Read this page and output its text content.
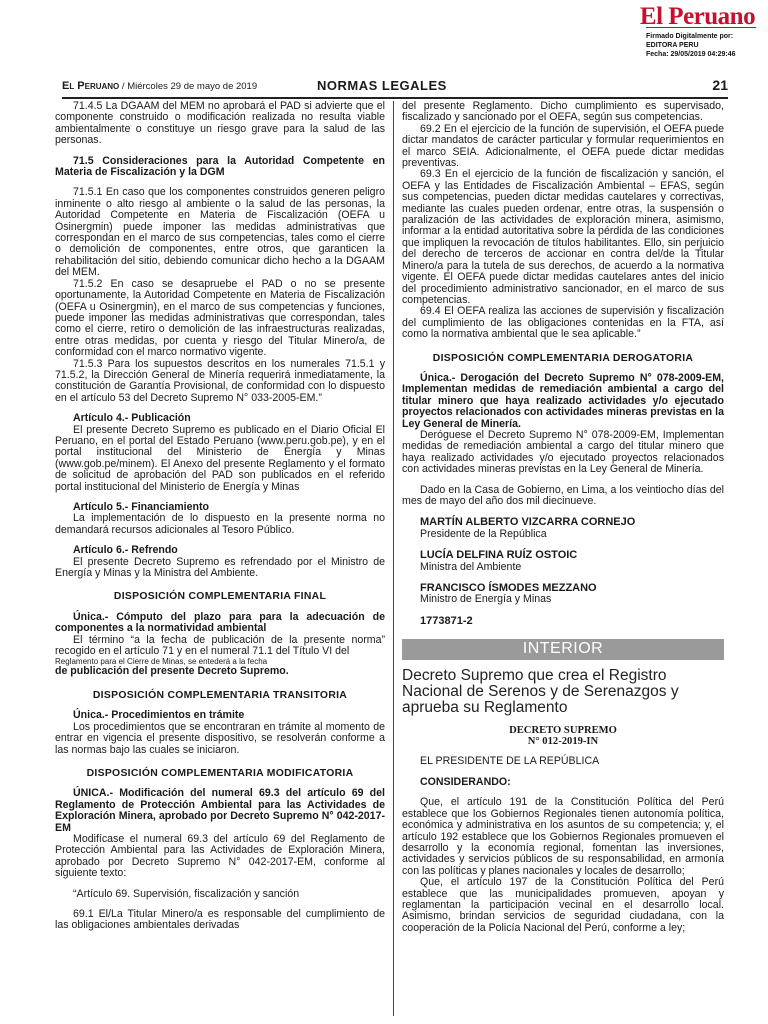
El Peruano
Firmado Digitalmente por:
EDITORA PERU
Fecha: 29/05/2019 04:29:46
El Peruano / Miércoles 29 de mayo de 2019	NORMAS LEGALES	21

71.4.5 La DGAAM del MEM no aprobará el PAD si advierte que el componente construido o modificación realizada no resulta viable ambientalmente o constituye un riesgo grave para la salud de las personas.

71.5 Consideraciones para la Autoridad Competente en Materia de Fiscalización y la DGM

71.5.1 En caso que los componentes construidos generen peligro inminente o alto riesgo al ambiente o la salud de las personas, la Autoridad Competente en Materia de Fiscalización (OEFA u Osinergmin) puede imponer las medidas administrativas que correspondan en el marco de sus competencias, tales como el cierre o demolición de componentes, entre otros, que garanticen la rehabilitación del sitio, debiendo comunicar dicho hecho a la DGAAM del MEM.

71.5.2 En caso se desapruebe el PAD o no se presente oportunamente, la Autoridad Competente en Materia de Fiscalización (OEFA u Osinergmin), en el marco de sus competencias y funciones, puede imponer las medidas administrativas que correspondan, tales como el cierre, retiro o demolición de las infraestructuras realizadas, entre otras medidas, por cuenta y riesgo del Titular Minero/a, de conformidad con el marco normativo vigente.

71.5.3 Para los supuestos descritos en los numerales 71.5.1 y 71.5.2, la Dirección General de Minería requerirá inmediatamente, la constitución de Garantía Provisional, de conformidad con lo dispuesto en el artículo 53 del Decreto Supremo N° 033-2005-EM.”

Artículo 4.- Publicación

El presente Decreto Supremo es publicado en el Diario Oficial El Peruano, en el portal del Estado Peruano (www.peru.gob.pe), y en el portal institucional del Ministerio de Energía y Minas (www.gob.pe/minem). El Anexo del presente Reglamento y el formato de solicitud de aprobación del PAD son publicados en el referido portal institucional del Ministerio de Energía y Minas

Artículo 5.- Financiamiento

La implementación de lo dispuesto en la presente norma no demandará recursos adicionales al Tesoro Público.

Artículo 6.- Refrendo

El presente Decreto Supremo es refrendado por el Ministro de Energía y Minas y la Ministra del Ambiente.

DISPOSICIÓN COMPLEMENTARIA FINAL

Única.- Cómputo del plazo para para la adecuación de componentes a la normatividad ambiental

El término “a la fecha de publicación de la presente norma” recogido en el artículo 71 y en el numeral 71.1 del Título VI del

Reglamento para el Cierre de Minas, se entederá a la fecha

de publicación del presente Decreto Supremo.

DISPOSICIÓN COMPLEMENTARIA TRANSITORIA

Única.- Procedimientos en trámite

Los procedimientos que se encontraran en trámite al momento de entrar en vigencia el presente dispositivo, se resolverán conforme a las normas bajo las cuales se iniciaron.

DISPOSICIÓN COMPLEMENTARIA MODIFICATORIA

ÚNICA.- Modificación del numeral 69.3 del artículo 69 del Reglamento de Protección Ambiental para las Actividades de Exploración Minera, aprobado por Decreto Supremo N° 042-2017-EM

Modifícase el numeral 69.3 del artículo 69 del Reglamento de Protección Ambiental para las Actividades de Exploración Minera, aprobado por Decreto Supremo N° 042-2017-EM, conforme al siguiente texto:

“Artículo 69. Supervisión, fiscalización y sanción

69.1 El/La Titular Minero/a es responsable del cumplimiento de las obligaciones ambientales derivadas

del presente Reglamento. Dicho cumplimiento es supervisado, fiscalizado y sancionado por el OEFA, según sus competencias.

69.2 En el ejercicio de la función de supervisión, el OEFA puede dictar mandatos de carácter particular y formular requerimientos en el marco SEIA. Adicionalmente, el OEFA puede dictar medidas preventivas.

69.3 En el ejercicio de la función de fiscalización y sanción, el OEFA y las Entidades de Fiscalización Ambiental – EFAS, según sus competencias, pueden dictar medidas cautelares y correctivas, mediante las cuales pueden ordenar, entre otras, la suspensión o paralización de las actividades de exploración minera, asimismo, informar a la entidad autoritativa sobre la pérdida de las condiciones que impliquen la revocación de títulos habilitantes. Ello, sin perjuicio del derecho de terceros de accionar en contra del/de la Titular Minero/a para la tutela de sus derechos, de acuerdo a la normativa vigente. El OEFA puede dictar medidas cautelares antes del inicio del procedimiento administrativo sancionador, en el marco de sus competencias.

69.4 El OEFA realiza las acciones de supervisión y fiscalización del cumplimiento de las obligaciones contenidas en la FTA, así como la normativa ambiental que le sea aplicable.”

DISPOSICIÓN COMPLEMENTARIA DEROGATORIA

Única.- Derogación del Decreto Supremo N° 078-2009-EM, Implementan medidas de remediación ambiental a cargo del titular minero que haya realizado actividades y/o ejecutado proyectos relacionados con actividades mineras previstas en la Ley General de Minería.

Deróguese el Decreto Supremo N° 078-2009-EM, Implementan medidas de remediación ambiental a cargo del titular minero que haya realizado actividades y/o ejecutado proyectos relacionados con actividades mineras previstas en la Ley General de Minería.

Dado en la Casa de Gobierno, en Lima, a los veintiocho días del mes de mayo del año dos mil diecinueve.

MARTÍN ALBERTO VIZCARRA CORNEJO
Presidente de la República
LUCÍA DELFINA RUÍZ OSTOIC
Ministra del Ambiente
FRANCISCO ÍSMODES MEZZANO
Ministro de Energía y Minas
1773871-2
INTERIOR
Decreto Supremo que crea el Registro Nacional de Serenos y de Serenazgos y aprueba su Reglamento

DECRETO SUPREMO

N° 012-2019-IN

EL PRESIDENTE DE LA REPÚBLICA

CONSIDERANDO:

Que, el artículo 191 de la Constitución Política del Perú establece que los Gobiernos Regionales tienen autonomía política, económica y administrativa en los asuntos de su competencia; y, el artículo 192 establece que los Gobiernos Regionales promueven el desarrollo y la economía regional, fomentan las inversiones, actividades y servicios públicos de su responsabilidad, en armonía con las políticas y planes nacionales y locales de desarrollo;

Que, el artículo 197 de la Constitución Política del Perú establece que las municipalidades promueven, apoyan y reglamentan la participación vecinal en el desarrollo local. Asimismo, brindan servicios de seguridad ciudadana, con la cooperación de la Policía Nacional del Perú, conforme a ley;
